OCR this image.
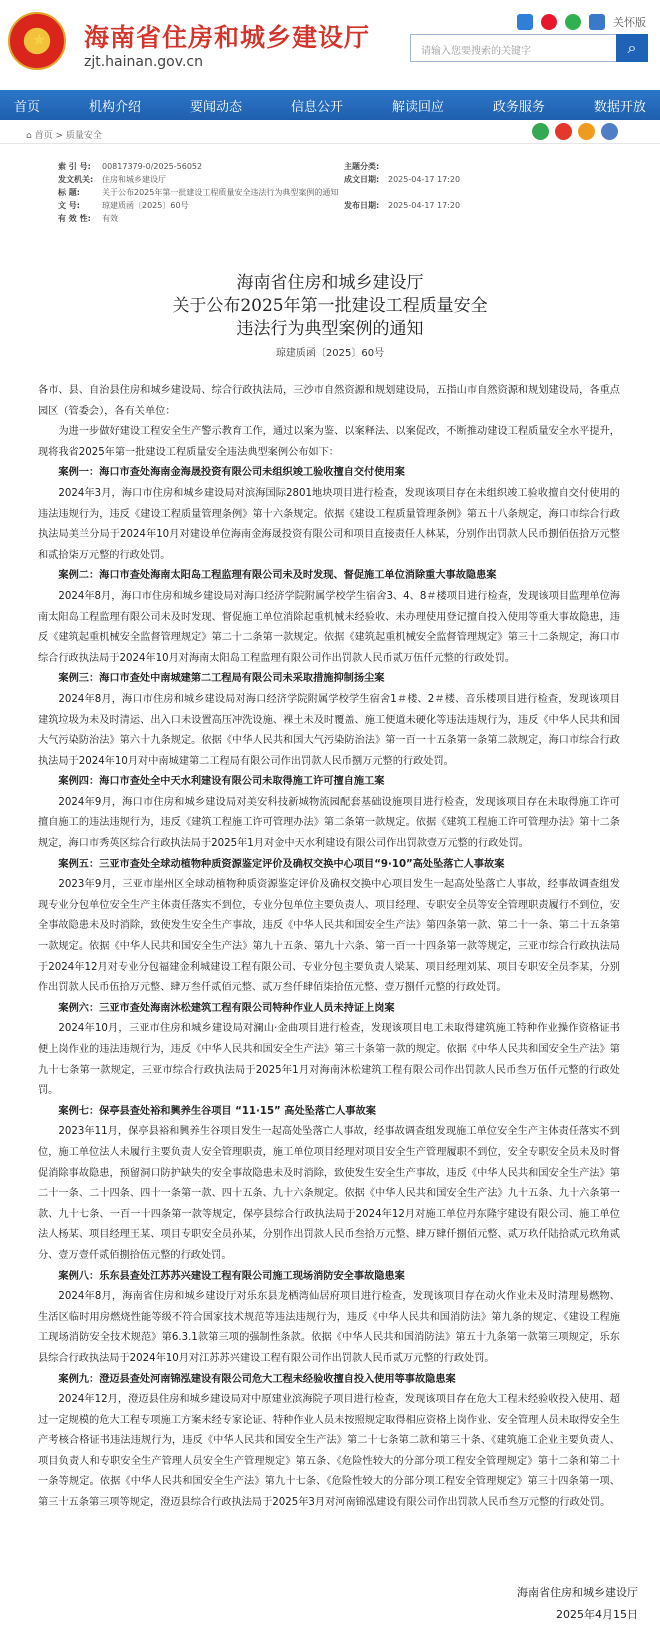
★ 海南省住房和城乡建设厅
zjt.hainan.gov.cn
关怀版
请输入您要搜索的关键字	⌕
首页	机构介绍	要闻动态	信息公开	解读回应	政务服务	数据开放
⌂ 首页 > 质量安全
索 引 号:	00817379-0/2025-56052	主题分类:
发文机关:	住房和城乡建设厅	成文日期:	2025-04-17 17:20
标 题:	关于公布2025年第一批建设工程质量安全违法行为典型案例的通知
文 号:	琼建质函〔2025〕60号	发布日期:	2025-04-17 17:20
有 效 性:	有效
海南省住房和城乡建设厅
关于公布2025年第一批建设工程质量安全
违法行为典型案例的通知
琼建质函〔2025〕60号
各市、县、自治县住房和城乡建设局、综合行政执法局，三沙市自然资源和规划建设局，五指山市自然资源和规划建设局，各重点园区（管委会），各有关单位：
为进一步做好建设工程安全生产警示教育工作，通过以案为鉴、以案释法、以案促改，不断推动建设工程质量安全水平提升，现将我省2025年第一批建设工程质量安全违法典型案例公布如下：
案例一：海口市查处海南金海晟投资有限公司未组织竣工验收擅自交付使用案
2024年3月，海口市住房和城乡建设局对滨海国际2801地块项目进行检查，发现该项目存在未组织竣工验收擅自交付使用的违法违规行为，违反《建设工程质量管理条例》第十六条规定。依据《建设工程质量管理条例》第五十八条规定，海口市综合行政执法局美兰分局于2024年10月对建设单位海南金海晟投资有限公司和项目直接责任人林某，分别作出罚款人民币捌佰伍拾万元整和贰拾柒万元整的行政处罚。
案例二：海口市查处海南太阳岛工程监理有限公司未及时发现、督促施工单位消除重大事故隐患案
2024年8月，海口市住房和城乡建设局对海口经济学院附属学校学生宿舍3、4、8＃楼项目进行检查，发现该项目监理单位海南太阳岛工程监理有限公司未及时发现、督促施工单位消除起重机械未经验收、未办理使用登记擅自投入使用等重大事故隐患，违反《建筑起重机械安全监督管理规定》第二十二条第一款规定。依据《建筑起重机械安全监督管理规定》第三十二条规定，海口市综合行政执法局于2024年10月对海南太阳岛工程监理有限公司作出罚款人民币贰万伍仟元整的行政处罚。
案例三：海口市查处中南城建第二工程局有限公司未采取措施抑制扬尘案
2024年8月，海口市住房和城乡建设局对海口经济学院附属学校学生宿舍1＃楼、2＃楼、音乐楼项目进行检查，发现该项目建筑垃圾为未及时清运、出入口未设置高压冲洗设施、裸土未及时覆盖、施工便道未硬化等违法违规行为，违反《中华人民共和国大气污染防治法》第六十九条规定。依据《中华人民共和国大气污染防治法》第一百一十五条第一条第二款规定，海口市综合行政执法局于2024年10月对中南城建第二工程局有限公司作出罚款人民币捌万元整的行政处罚。
案例四：海口市查处全中天水利建设有限公司未取得施工许可擅自施工案
2024年9月，海口市住房和城乡建设局对美安科技新城物流园配套基础设施项目进行检查，发现该项目存在未取得施工许可擅自施工的违法违规行为，违反《建筑工程施工许可管理办法》第二条第一款规定。依据《建筑工程施工许可管理办法》第十二条规定，海口市秀英区综合行政执法局于2025年1月对金中天水利建设有限公司作出罚款壹万元整的行政处罚。
案例五：三亚市查处全球动植物种质资源鉴定评价及确权交换中心项目“9·10”高处坠落亡人事故案
2023年9月，三亚市崖州区全球动植物种质资源鉴定评价及确权交换中心项目发生一起高处坠落亡人事故，经事故调查组发现专业分包单位安全生产主体责任落实不到位，专业分包单位主要负责人、项目经理、专职安全员等安全管理职责履行不到位，安全事故隐患未及时消除，致使发生安全生产事故，违反《中华人民共和国安全生产法》第四条第一款、第二十一条、第二十五条第一款规定。依据《中华人民共和国安全生产法》第九十五条、第九十六条、第一百一十四条第一款等规定，三亚市综合行政执法局于2024年12月对专业分包福建金利城建设工程有限公司、专业分包主要负责人梁某、项目经理刘某、项目专职安全员李某，分别作出罚款人民币伍拾万元整、肆万叁仟贰佰元整、贰万叁仟肆佰柒拾伍元整、壹万捌仟元整的行政处罚。
案例六：三亚市查处海南沐松建筑工程有限公司特种作业人员未持证上岗案
2024年10月，三亚市住房和城乡建设局对澜山·金曲项目进行检查，发现该项目电工未取得建筑施工特种作业操作资格证书便上岗作业的违法违规行为，违反《中华人民共和国安全生产法》第三十条第一款的规定。依据《中华人民共和国安全生产法》第九十七条第一款规定，三亚市综合行政执法局于2025年1月对海南沐松建筑工程有限公司作出罚款人民币叁万伍仟元整的行政处罚。
案例七：保亭县查处裕和興养生谷项目 “11·15” 高处坠落亡人事故案
2023年11月，保亭县裕和興养生谷项目发生一起高处坠落亡人事故，经事故调查组发现施工单位安全生产主体责任落实不到位，施工单位法人未履行主要负责人安全管理职责，施工单位项目经理对项目安全生产管理履职不到位，安全专职安全员未及时督促消除事故隐患，预留洞口防护缺失的安全事故隐患未及时消除，致使发生安全生产事故，违反《中华人民共和国安全生产法》第二十一条、二十四条、四十一条第一款、四十五条、九十六条规定。依据《中华人民共和国安全生产法》九十五条、九十六条第一款、九十七条、一百一十四条第一款等规定，保亭县综合行政执法局于2024年12月对施工单位丹东隆宇建设有限公司、施工单位法人杨某、项目经理王某、项目专职安全员孙某，分别作出罚款人民币叁拾万元整、肆万肆仟捌佰元整、贰万玖仟陆拾贰元玖角贰分、壹万壹仟贰佰捌拾伍元整的行政处罚。
案例八：乐东县查处江苏苏兴建设工程有限公司施工现场消防安全事故隐患案
2024年8月，海南省住房和城乡建设厅对乐东县龙栖湾仙居府项目进行检查，发现该项目存在动火作业未及时清理易燃物、生活区临时用房燃烧性能等级不符合国家技术规范等违法违规行为，违反《中华人民共和国消防法》第九条的规定、《建设工程施工现场消防安全技术规范》第6.3.1款第三项的强制性条款。依据《中华人民共和国消防法》第五十九条第一款第三项规定，乐东县综合行政执法局于2024年10月对江苏苏兴建设工程有限公司作出罚款人民币贰万元整的行政处罚。
案例九：澄迈县查处河南锦泓建设有限公司危大工程未经验收擅自投入使用等事故隐患案
2024年12月，澄迈县住房和城乡建设局对中原建业滨海院子项目进行检查，发现该项目存在危大工程未经验收投入使用、超过一定规模的危大工程专项施工方案未经专家论证、特种作业人员未按照规定取得相应资格上岗作业、安全管理人员未取得安全生产考核合格证书违法违规行为，违反《中华人民共和国安全生产法》第二十七条第二款和第三十条、《建筑施工企业主要负责人、项目负责人和专职安全生产管理人员安全生产管理规定》第五条、《危险性较大的分部分项工程安全管理规定》第十二条和第二十一条等规定。依据《中华人民共和国安全生产法》第九十七条、《危险性较大的分部分项工程安全管理规定》第三十四条第一项、第三十五条第三项等规定，澄迈县综合行政执法局于2025年3月对河南锦泓建设有限公司作出罚款人民币叁万元整的行政处罚。
海南省住房和城乡建设厅
2025年4月15日
